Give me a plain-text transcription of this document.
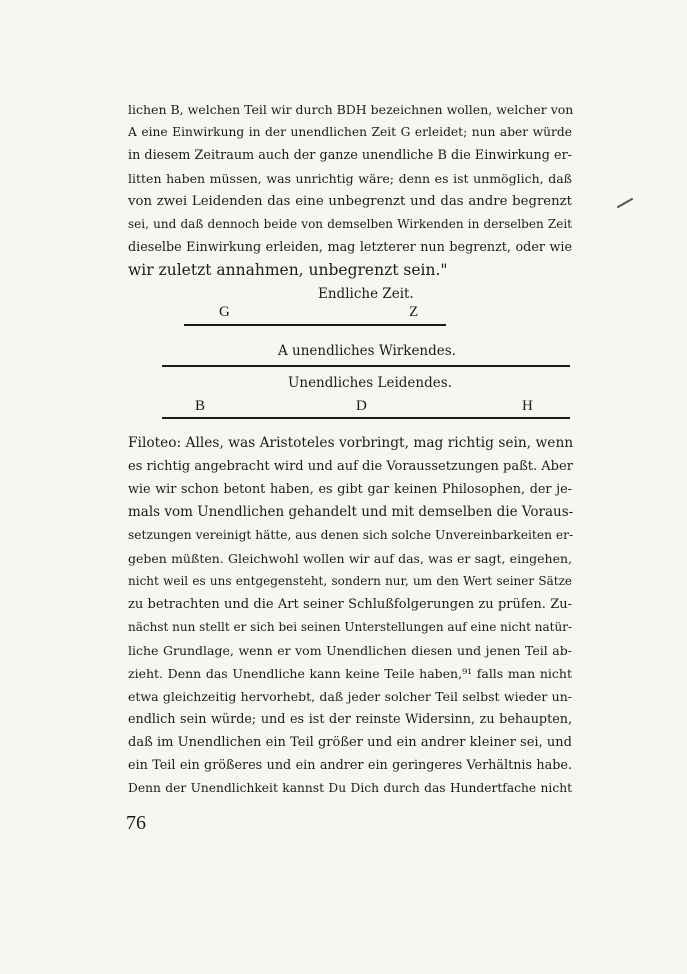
lichen B, welchen Teil wir durch BDH bezeichnen wollen, welcher von
A eine Einwirkung in der unendlichen Zeit G erleidet; nun aber würde
in diesem Zeitraum auch der ganze unendliche B die Einwirkung er-
litten haben müssen, was unrichtig wäre; denn es ist unmöglich, daß
von zwei Leidenden das eine unbegrenzt und das andre begrenzt
sei, und daß dennoch beide von demselben Wirkenden in derselben Zeit
dieselbe Einwirkung erleiden, mag letzterer nun begrenzt, oder wie
wir zuletzt annahmen, unbegrenzt sein."
Endliche Zeit.
G	Z
A unendliches Wirkendes.
Unendliches Leidendes.
B	D	H
Filoteo: Alles, was Aristoteles vorbringt, mag richtig sein, wenn
es richtig angebracht wird und auf die Voraussetzungen paßt. Aber
wie wir schon betont haben, es gibt gar keinen Philosophen, der je-
mals vom Unendlichen gehandelt und mit demselben die Voraus-
setzungen vereinigt hätte, aus denen sich solche Unvereinbarkeiten er-
geben müßten. Gleichwohl wollen wir auf das, was er sagt, eingehen,
nicht weil es uns entgegensteht, sondern nur, um den Wert seiner Sätze
zu betrachten und die Art seiner Schlußfolgerungen zu prüfen. Zu-
nächst nun stellt er sich bei seinen Unterstellungen auf eine nicht natür-
liche Grundlage, wenn er vom Unendlichen diesen und jenen Teil ab-
zieht. Denn das Unendliche kann keine Teile haben,⁹¹ falls man nicht
etwa gleichzeitig hervorhebt, daß jeder solcher Teil selbst wieder un-
endlich sein würde; und es ist der reinste Widersinn, zu behaupten,
daß im Unendlichen ein Teil größer und ein andrer kleiner sei, und
ein Teil ein größeres und ein andrer ein geringeres Verhältnis habe.
Denn der Unendlichkeit kannst Du Dich durch das Hundertfache nicht
76
